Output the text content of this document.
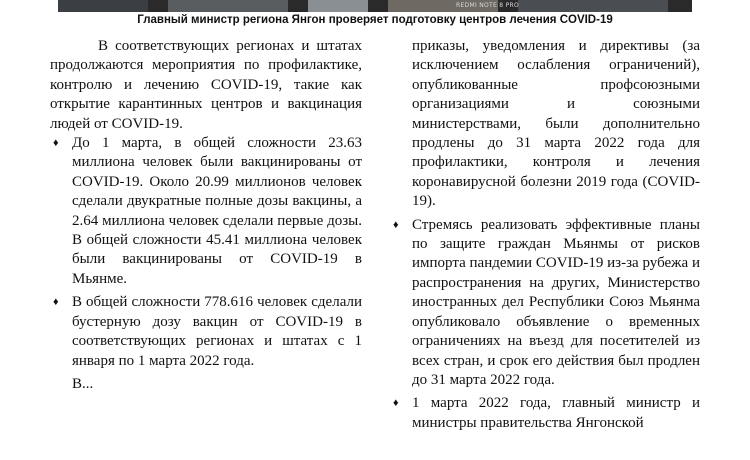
REDMI NOTE 8 PRO
Главный министр региона Янгон проверяет подготовку центров лечения COVID-19

В соответствующих регионах и штатах продолжаются мероприятия по профилактике, контролю и лечению COVID-19, такие как открытие карантинных центров и вакцинация людей от COVID-19.

♦ До 1 марта, в общей сложности 23.63 миллиона человек были вакцинированы от COVID-19. Около 20.99 миллионов человек сделали двукратные полные дозы вакцины, а 2.64 миллиона человек сделали первые дозы. В общей сложности 45.41 миллиона человек были вакцинированы от COVID-19 в Мьянме.

♦ В общей сложности 778.616 человек сделали бустерную дозу вакцин от COVID-19 в соответствующих регионах и штатах с 1 января по 1 марта 2022 года.

В...

приказы, уведомления и директивы (за исключением ослабления ограничений), опубликованные профсоюзными организациями и союзными министерствами, были дополнительно продлены до 31 марта 2022 года для профилактики, контроля и лечения коронавирусной болезни 2019 года (COVID-19).

♦ Стремясь реализовать эффективные планы по защите граждан Мьянмы от рисков импорта пандемии COVID-19 из-за рубежа и распространения на других, Министерство иностранных дел Республики Союз Мьянма опубликовало объявление о временных ограничениях на въезд для посетителей из всех стран, и срок его действия был продлен до 31 марта 2022 года.

♦ 1 марта 2022 года, главный министр и министры правительства Янгонской
